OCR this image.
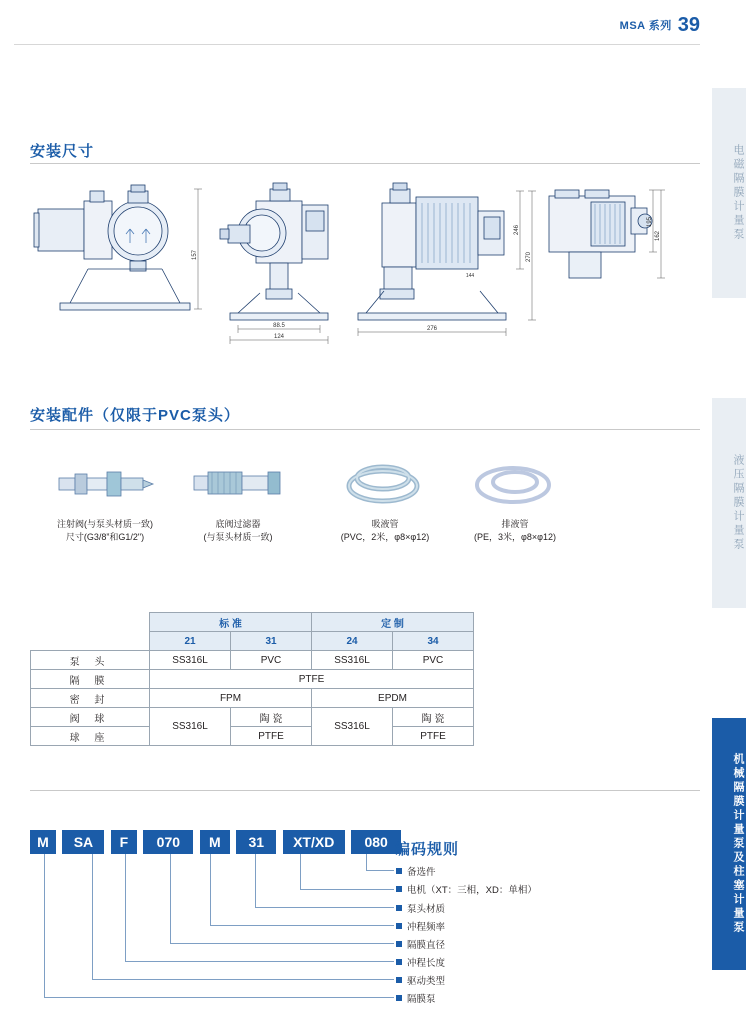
MSA 系列 39
电磁隔膜计量泵
液压隔膜计量泵
机械隔膜计量泵及柱塞计量泵
安装尺寸
157
88.5
124
246
270
276
144
195
162
安装配件（仅限于PVC泵头）
注射阀(与泵头材质一致)
尺寸(G3/8”和G1/2")
底阀过滤器
(与泵头材质一致)
吸液管
(PVC，2米，φ8×φ12)
排液管
(PE，3米，φ8×φ12)
	标 准		定 制	
	21	31	24	34
泵 头	SS316L	PVC	SS316L	PVC
隔 膜	PTFE			
密 封	FPM		EPDM	
阀 球	SS316L	陶 瓷	SS316L	陶 瓷
球 座		PTFE		PTFE
M SA F 070 M 31 XT/XD 080 编码规则
备选件
电机（XT：三相，XD：单相）
泵头材质
冲程频率
隔膜直径
冲程长度
驱动类型
隔膜泵
